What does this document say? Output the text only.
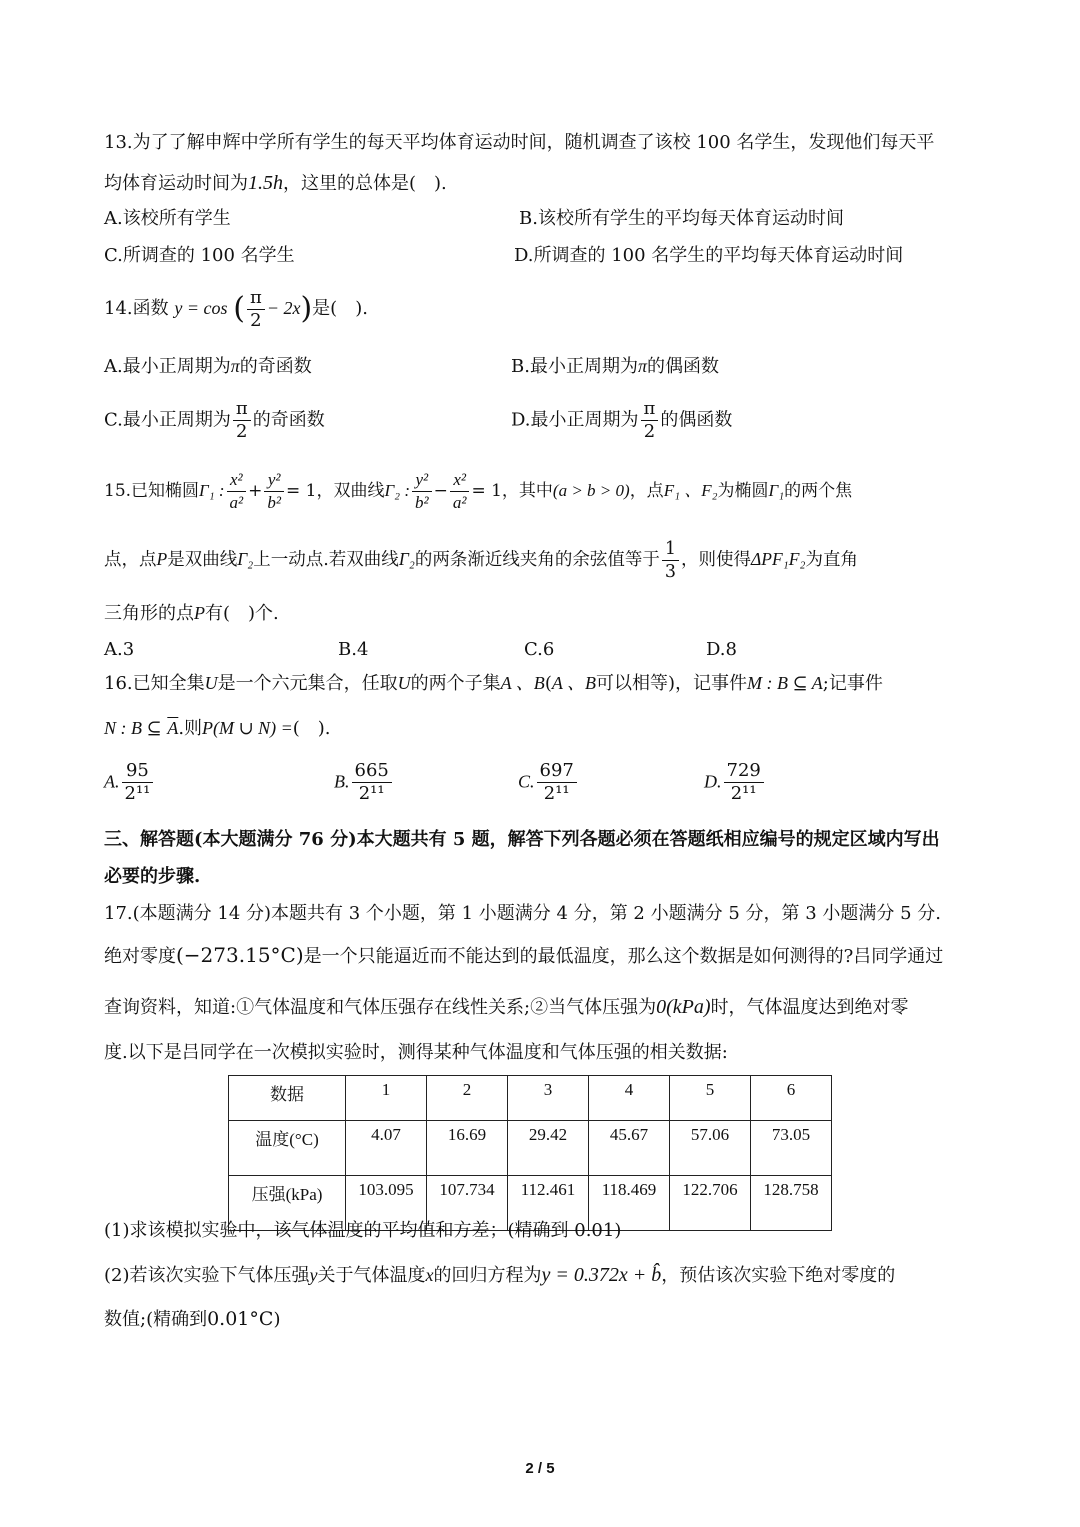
13.为了了解申辉中学所有学生的每天平均体育运动时间，随机调查了该校 100 名学生，发现他们每天平
均体育运动时间为1.5h，这里的总体是(　).
A.该校所有学生	B.该校所有学生的平均每天体育运动时间
C.所调查的 100 名学生	D.所调查的 100 名学生的平均每天体育运动时间
14.函数 y = cos ( $\frac{\pi}{2} - 2x$)是(　).
A.最小正周期为π的奇函数	B.最小正周期为π的偶函数
C.最小正周期为 $\frac{\pi}{2}$ 的奇函数	D.最小正周期为 $\frac{\pi}{2}$ 的偶函数
15.已知椭圆Γ₁ : $\frac{\text{x²}}{\text{a²}} + \frac{\text{y²}}{\text{b²}} = 1$，双曲线Γ₂ : $\frac{\text{y²}}{\text{b²}} - \frac{\text{x²}}{\text{a²}} = 1$，其中(a > b > 0)，点F₁ 、F₂为椭圆Γ₁的两个焦
点，点P是双曲线Γ₂上一动点.若双曲线Γ₂的两条渐近线夹角的余弦值等于 $\frac{1}{3}$ ，则使得ΔPF₁F₂为直角
三角形的点P有(　)个.
A.3	B.4	C.6	D.8
16.已知全集U是一个六元集合，任取U的两个子集A 、B(A 、B可以相等)，记事件M : B ⊆ A;记事件
N : B ⊆ $\overline{A}$.则P(M ∪ N) =(　).
A. $\frac{95}{\text{2¹¹}}$	B. $\frac{665}{\text{2¹¹}}$	C. $\frac{697}{\text{2¹¹}}$	D. $\frac{729}{\text{2¹¹}}$
三、解答题(本大题满分 76 分)本大题共有 5 题，解答下列各题必须在答题纸相应编号的规定区域内写出
必要的步骤.
17.(本题满分 14 分)本题共有 3 个小题，第 1 小题满分 4 分，第 2 小题满分 5 分，第 3 小题满分 5 分.
绝对零度(−273.15°C)是一个只能逼近而不能达到的最低温度，那么这个数据是如何测得的?吕同学通过
查询资料，知道:①气体温度和气体压强存在线性关系;②当气体压强为0(kPa)时，气体温度达到绝对零
度.以下是吕同学在一次模拟实验时，测得某种气体温度和气体压强的相关数据:
数据	1	2	3	4	5	6
温度(°C)	4.07	16.69	29.42	45.67	57.06	73.05
压强(kPa)	103.095	107.734	112.461	118.469	122.706	128.758
(1)求该模拟实验中，该气体温度的平均值和方差；(精确到 0.01)
(2)若该次实验下气体压强y关于气体温度x的回归方程为y = 0.372x + b̂，预估该次实验下绝对零度的
数值;(精确到0.01°C)
2 / 5
